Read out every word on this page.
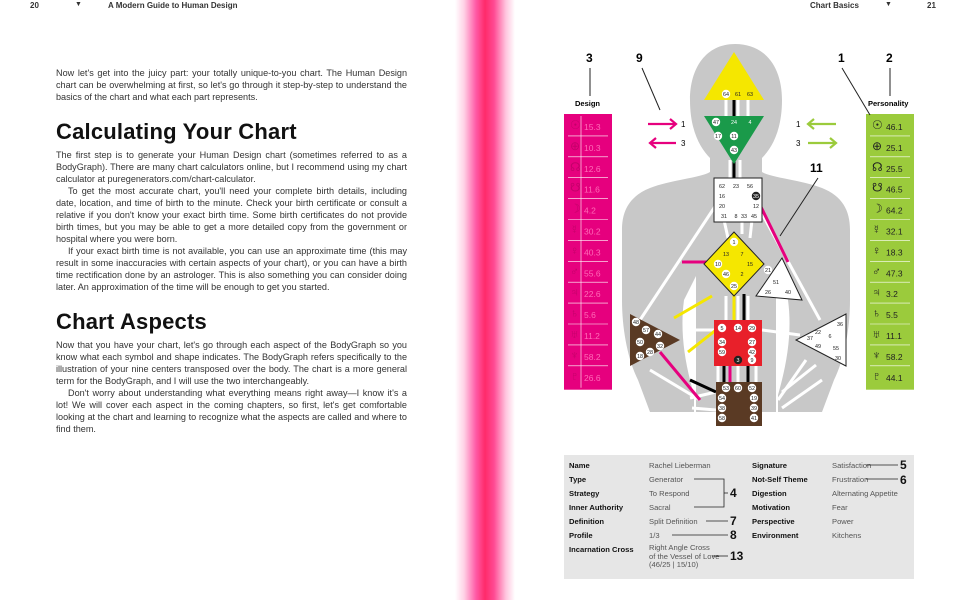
20	▼	A Modern Guide to Human Design

Now let's get into the juicy part: your totally unique-to-you chart. The Human Design chart can be overwhelming at first, so let's go through it step-by-step to understand the basics of the chart and what each part represents.

Calculating Your Chart

The first step is to generate your Human Design chart (sometimes referred to as a BodyGraph). There are many chart calculators online, but I recommend using my chart calculator at puregenerators.com/chart-calculator.

To get the most accurate chart, you'll need your complete birth details, including date, location, and time of birth to the minute. Check your birth certificate or consult a relative if you don't know your exact birth time. Some birth certificates do not provide birth times, but you may be able to get a more detailed copy from the government or hospital where you were born.

If your exact birth time is not available, you can use an approximate time (this may result in some inaccuracies with certain aspects of your chart), or you can have a birth time rectification done by an astrologer. This is also something you can consider doing later. An approximation of the time will be enough to get you started.

Chart Aspects

Now that you have your chart, let's go through each aspect of the BodyGraph so you know what each symbol and shape indicates. The BodyGraph refers specifically to the illustration of your nine centers transposed over the body. The chart is a more general term for the BodyGraph, and I will use the two interchangeably.

Don't worry about understanding what everything means right away—I know it's a lot! We will cover each aspect in the coming chapters, so first, let's get comfortable looking at the chart and learning to recognize what the aspects are called and where to find them.

Chart Basics	▼	21
64 61 63
47 24 4
17 11
43
62 23 56
16
20
35
12
31 8 33 45
1
13 7
10	15
46 2
25
21
51
26	40
48
57
44
50
32
28
18
5 14 29
34	27
59	42
3 9
36
22
37	6
49 55
30
53 60 52
54	19
38	39
58	41
☉ 15.3
⊕ 10.3
☊ 12.6
☋ 11.6
☽ 4.2
☿ 30.2
♀ 40.3
♂ 55.6
♃ 22.6
♄ 5.6
♅ 11.2
♆ 58.2
♇ 26.6
☉ 46.1
⊕ 25.1
☊ 25.5
☋ 46.5
☽ 64.2
☿ 32.1
♀ 18.3
♂ 47.3
♃ 3.2
♄ 5.5
♅ 11.1
♆ 58.2
♇ 44.1
3
Design
9	1	2
Personality
11
1
3
1
3
Name	Rachel Lieberman
Type	Generator
Strategy	To Respond
Inner Authority	Sacral
Definition	Split Definition
Profile	1/3
Incarnation Cross Right Angle Cross
of the Vessel of Love
(46/25 | 15/10)
Signature	Satisfaction
Not-Self Theme	Frustration
Digestion	Alternating Appetite
Motivation	Fear
Perspective	Power
Environment	Kitchens
5
6
4
7
8
13
